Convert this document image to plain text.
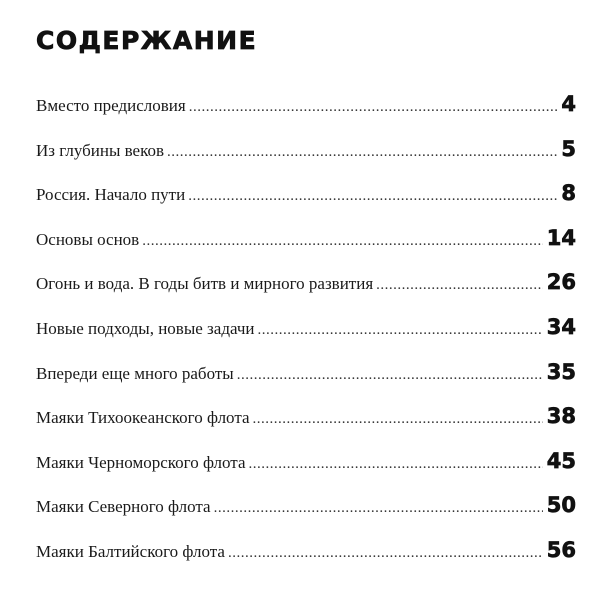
СОДЕРЖАНИЕ
Вместо предисловия .....	4
Из глубины веков .....	5
Россия. Начало пути .....	8
Основы основ .....	14
Огонь и вода. В годы битв и мирного развития .....	26
Новые подходы, новые задачи .....	34
Впереди еще много работы .....	35
Маяки Тихоокеанского флота .....	38
Маяки Черноморского флота .....	45
Маяки Северного флота .....	50
Маяки Балтийского флота .....	56
